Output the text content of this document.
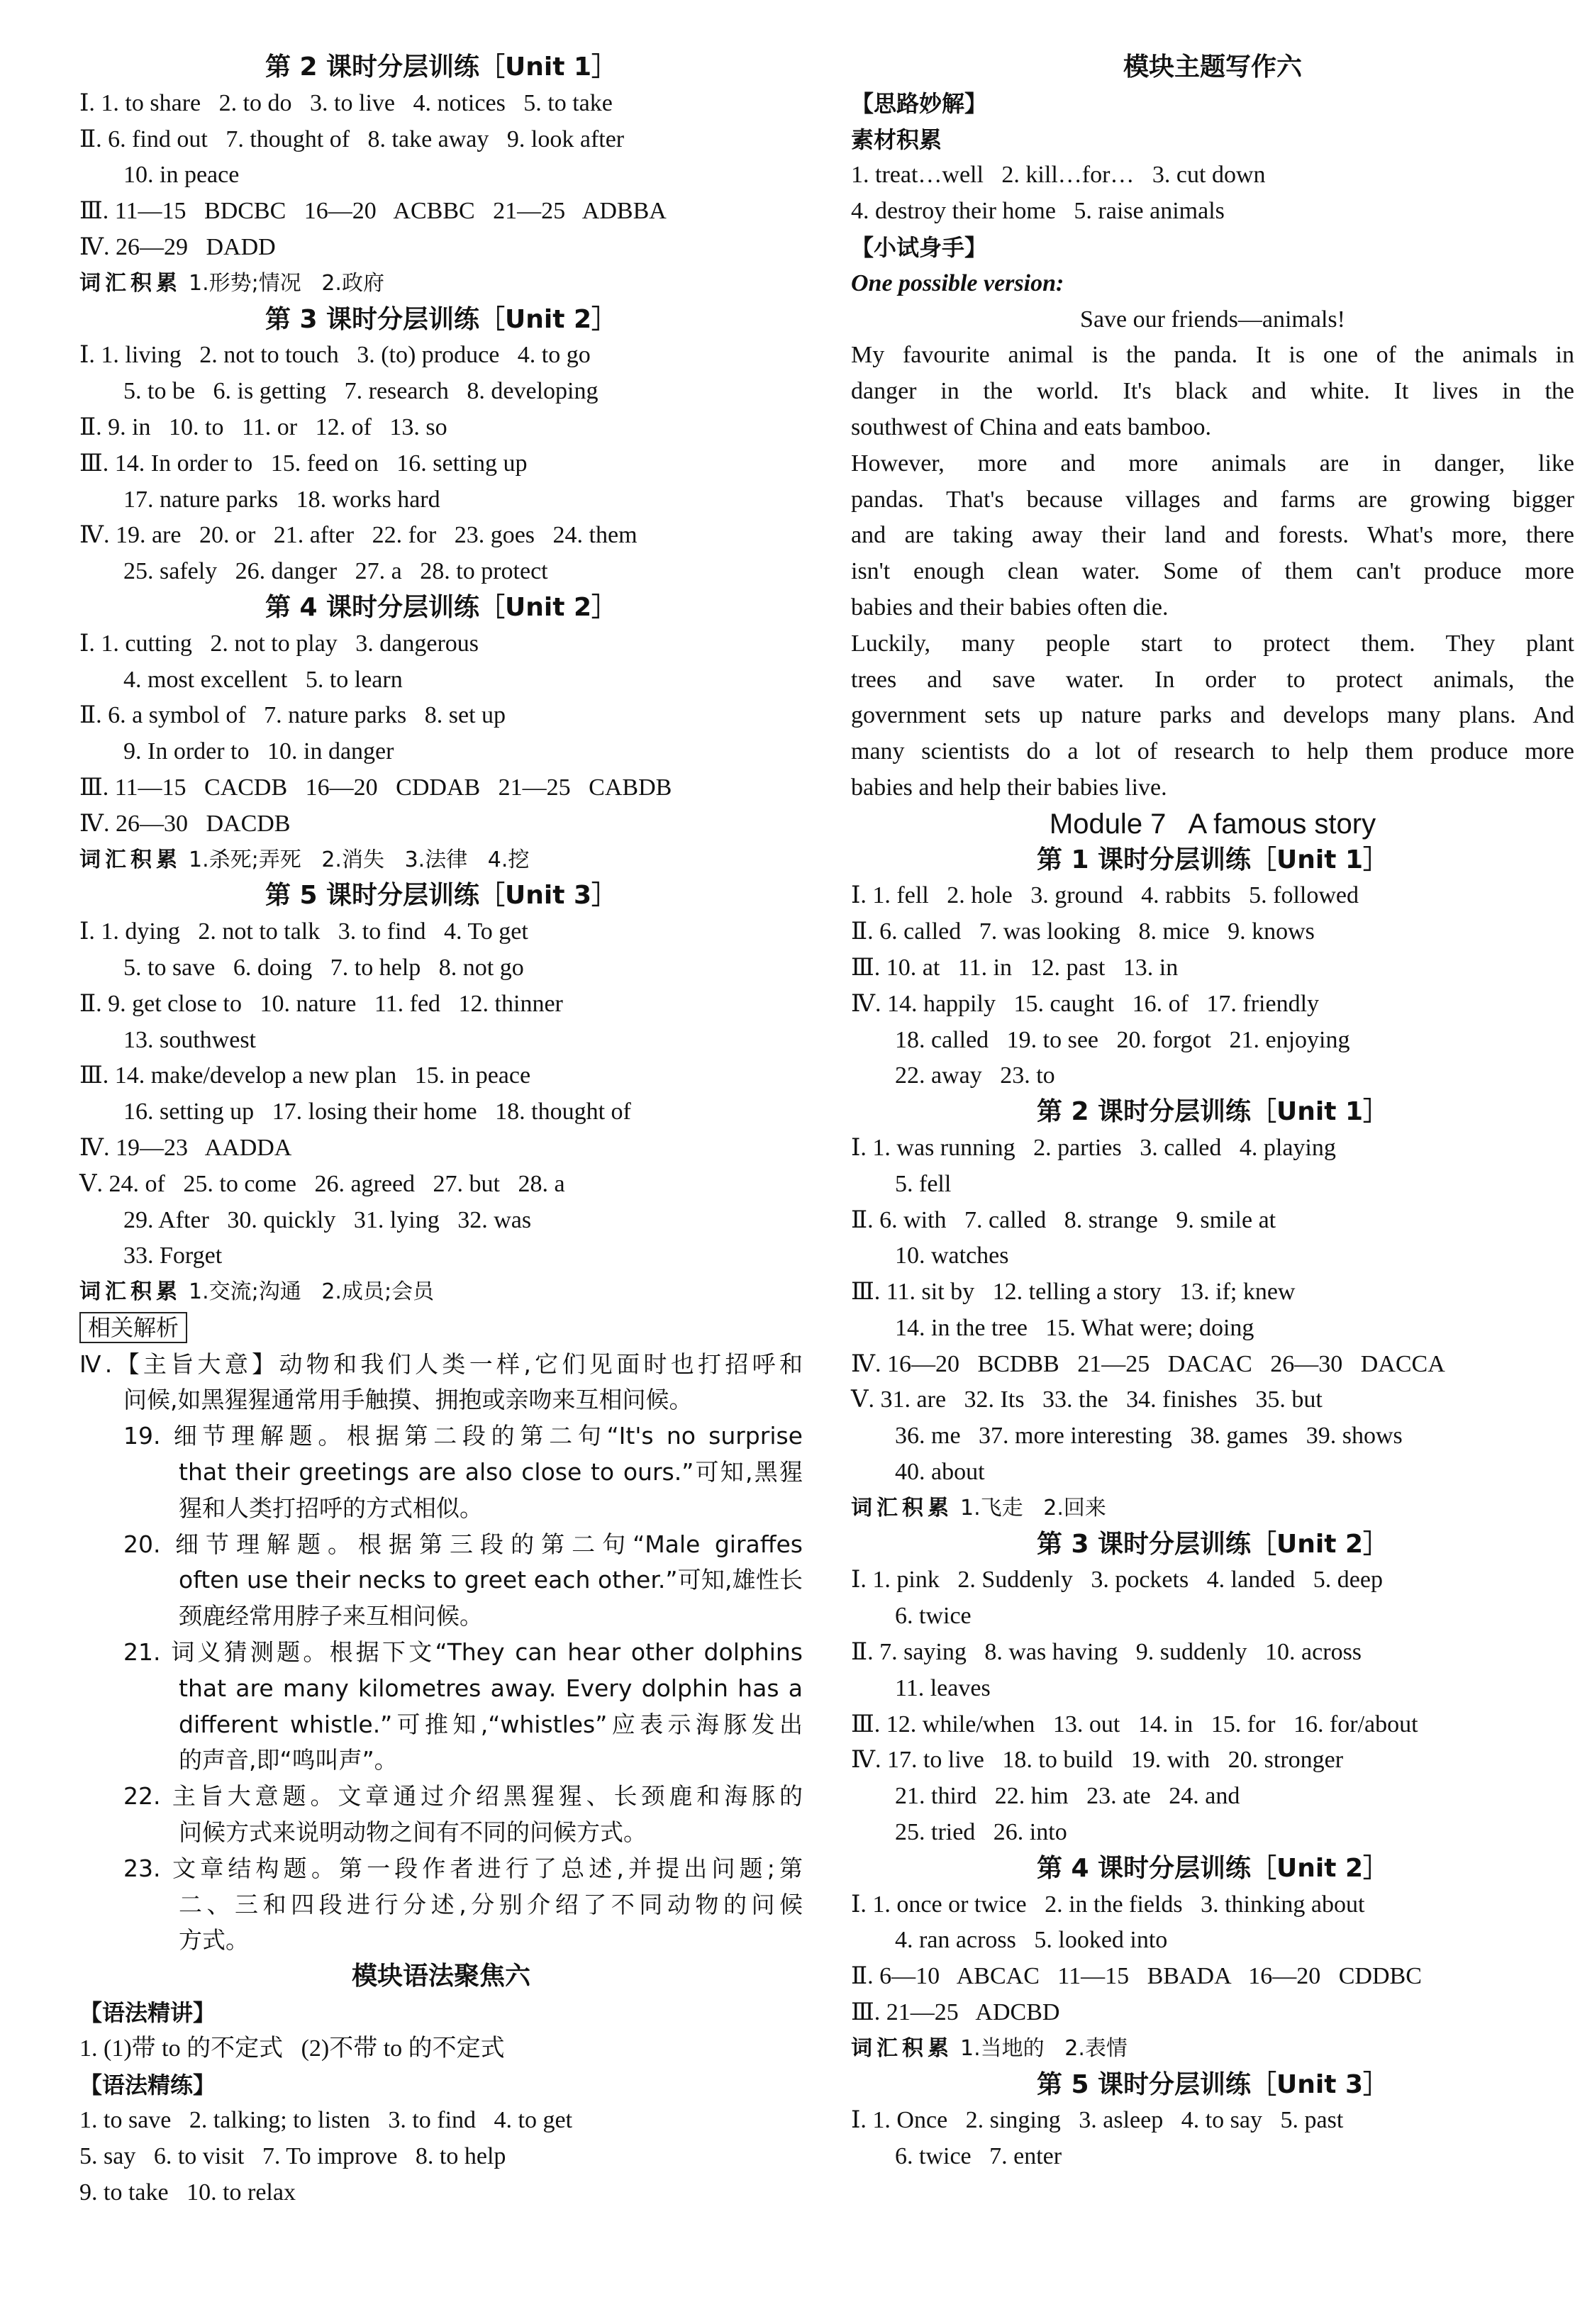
第 2 课时分层训练［Unit 1］
Ⅰ. 1. to share   2. to do   3. to live   4. notices   5. to take
Ⅱ. 6. find out   7. thought of   8. take away   9. look after
10. in peace
Ⅲ. 11—15   BDCBC   16—20   ACBBC   21—25   ADBBA
Ⅳ. 26—29   DADD
词汇积累 1.形势;情况   2.政府
第 3 课时分层训练［Unit 2］
Ⅰ. 1. living   2. not to touch   3. (to) produce   4. to go
5. to be   6. is getting   7. research   8. developing
Ⅱ. 9. in   10. to   11. or   12. of   13. so
Ⅲ. 14. In order to   15. feed on   16. setting up
17. nature parks   18. works hard
Ⅳ. 19. are   20. or   21. after   22. for   23. goes   24. them
25. safely   26. danger   27. a   28. to protect
第 4 课时分层训练［Unit 2］
Ⅰ. 1. cutting   2. not to play   3. dangerous
4. most excellent   5. to learn
Ⅱ. 6. a symbol of   7. nature parks   8. set up
9. In order to   10. in danger
Ⅲ. 11—15   CACDB   16—20   CDDAB   21—25   CABDB
Ⅳ. 26—30   DACDB
词汇积累 1.杀死;弄死   2.消失   3.法律   4.挖
第 5 课时分层训练［Unit 3］
Ⅰ. 1. dying   2. not to talk   3. to find   4. To get
5. to save   6. doing   7. to help   8. not go
Ⅱ. 9. get close to   10. nature   11. fed   12. thinner
13. southwest
Ⅲ. 14. make/develop a new plan   15. in peace
16. setting up   17. losing their home   18. thought of
Ⅳ. 19—23   AADDA
Ⅴ. 24. of   25. to come   26. agreed   27. but   28. a
29. After   30. quickly   31. lying   32. was
33. Forget
词汇积累 1.交流;沟通   2.成员;会员
相关解析
Ⅳ.【主旨大意】动物和我们人类一样,它们见面时也打招呼和
问候,如黑猩猩通常用手触摸、拥抱或亲吻来互相问候。
19. 细节理解题。根据第二段的第二句“It's no surprise
that their greetings are also close to ours.”可知,黑猩
猩和人类打招呼的方式相似。
20. 细节理解题。根据第三段的第二句“Male giraffes
often use their necks to greet each other.”可知,雄性长
颈鹿经常用脖子来互相问候。
21. 词义猜测题。根据下文“They can hear other dolphins
that are many kilometres away. Every dolphin has a
different whistle.”可推知,“whistles”应表示海豚发出
的声音,即“鸣叫声”。
22. 主旨大意题。文章通过介绍黑猩猩、长颈鹿和海豚的
问候方式来说明动物之间有不同的问候方式。
23. 文章结构题。第一段作者进行了总述,并提出问题;第
二、三和四段进行分述,分别介绍了不同动物的问候
方式。
模块语法聚焦六
【语法精讲】
1. (1)带 to 的不定式   (2)不带 to 的不定式
【语法精练】
1. to save   2. talking; to listen   3. to find   4. to get
5. say   6. to visit   7. To improve   8. to help
9. to take   10. to relax
模块主题写作六
【思路妙解】
素材积累
1. treat…well   2. kill…for…   3. cut down
4. destroy their home   5. raise animals
【小试身手】
One possible version:
Save our friends—animals!
My favourite animal is the panda. It is one of the animals in
danger in the world. It's black and white. It lives in the
southwest of China and eats bamboo.
However, more and more animals are in danger, like
pandas. That's because villages and farms are growing bigger
and are taking away their land and forests. What's more, there
isn't enough clean water. Some of them can't produce more
babies and their babies often die.
Luckily, many people start to protect them. They plant
trees and save water. In order to protect animals, the
government sets up nature parks and develops many plans. And
many scientists do a lot of research to help them produce more
babies and help their babies live.
Module 7   A famous story
第 1 课时分层训练［Unit 1］
Ⅰ. 1. fell   2. hole   3. ground   4. rabbits   5. followed
Ⅱ. 6. called   7. was looking   8. mice   9. knows
Ⅲ. 10. at   11. in   12. past   13. in
Ⅳ. 14. happily   15. caught   16. of   17. friendly
18. called   19. to see   20. forgot   21. enjoying
22. away   23. to
第 2 课时分层训练［Unit 1］
Ⅰ. 1. was running   2. parties   3. called   4. playing
5. fell
Ⅱ. 6. with   7. called   8. strange   9. smile at
10. watches
Ⅲ. 11. sit by   12. telling a story   13. if; knew
14. in the tree   15. What were; doing
Ⅳ. 16—20   BCDBB   21—25   DACAC   26—30   DACCA
Ⅴ. 31. are   32. Its   33. the   34. finishes   35. but
36. me   37. more interesting   38. games   39. shows
40. about
词汇积累 1.飞走   2.回来
第 3 课时分层训练［Unit 2］
Ⅰ. 1. pink   2. Suddenly   3. pockets   4. landed   5. deep
6. twice
Ⅱ. 7. saying   8. was having   9. suddenly   10. across
11. leaves
Ⅲ. 12. while/when   13. out   14. in   15. for   16. for/about
Ⅳ. 17. to live   18. to build   19. with   20. stronger
21. third   22. him   23. ate   24. and
25. tried   26. into
第 4 课时分层训练［Unit 2］
Ⅰ. 1. once or twice   2. in the fields   3. thinking about
4. ran across   5. looked into
Ⅱ. 6—10   ABCAC   11—15   BBADA   16—20   CDDBC
Ⅲ. 21—25   ADCBD
词汇积累 1.当地的   2.表情
第 5 课时分层训练［Unit 3］
Ⅰ. 1. Once   2. singing   3. asleep   4. to say   5. past
6. twice   7. enter
